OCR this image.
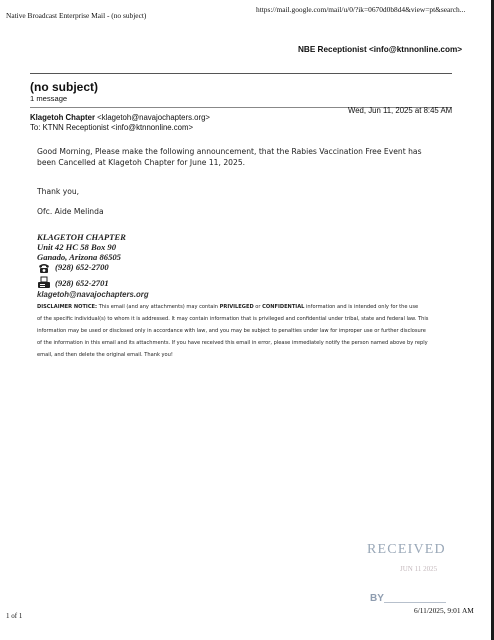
Native Broadcast Enterprise Mail - (no subject)
https://mail.google.com/mail/u/0/?ik=0670d0b8d4&view=pt&search...
NBE Receptionist <info@ktnnonline.com>
(no subject)
1 message
Klagetoh Chapter <klagetoh@navajochapters.org>
To: KTNN Receptionist <info@ktnnonline.com>
Wed, Jun 11, 2025 at 8:45 AM
Good Morning, Please make the following announcement, that the Rabies Vaccination Free Event has
been Cancelled at Klagetoh Chapter for June 11, 2025.
Thank you,
Ofc. Aide Melinda
KLAGETOH CHAPTER
Unit 42 HC 58 Box 90
Ganado, Arizona 86505
(928) 652-2700
(928) 652-2701
klagetoh@navajochapters.org
DISCLAIMER NOTICE: This email (and any attachments) may contain PRIVILEGED or CONFIDENTIAL information and is intended only for the use
of the specific individual(s) to whom it is addressed. It may contain information that is privileged and confidential under tribal, state and federal law. This
information may be used or disclosed only in accordance with law, and you may be subject to penalties under law for improper use or further disclosure
of the information in this email and its attachments. If you have received this email in error, please immediately notify the person named above by reply
email, and then delete the original email. Thank you!
RECEIVED
JUN 11 2025
BY
1 of 1
6/11/2025, 9:01 AM
